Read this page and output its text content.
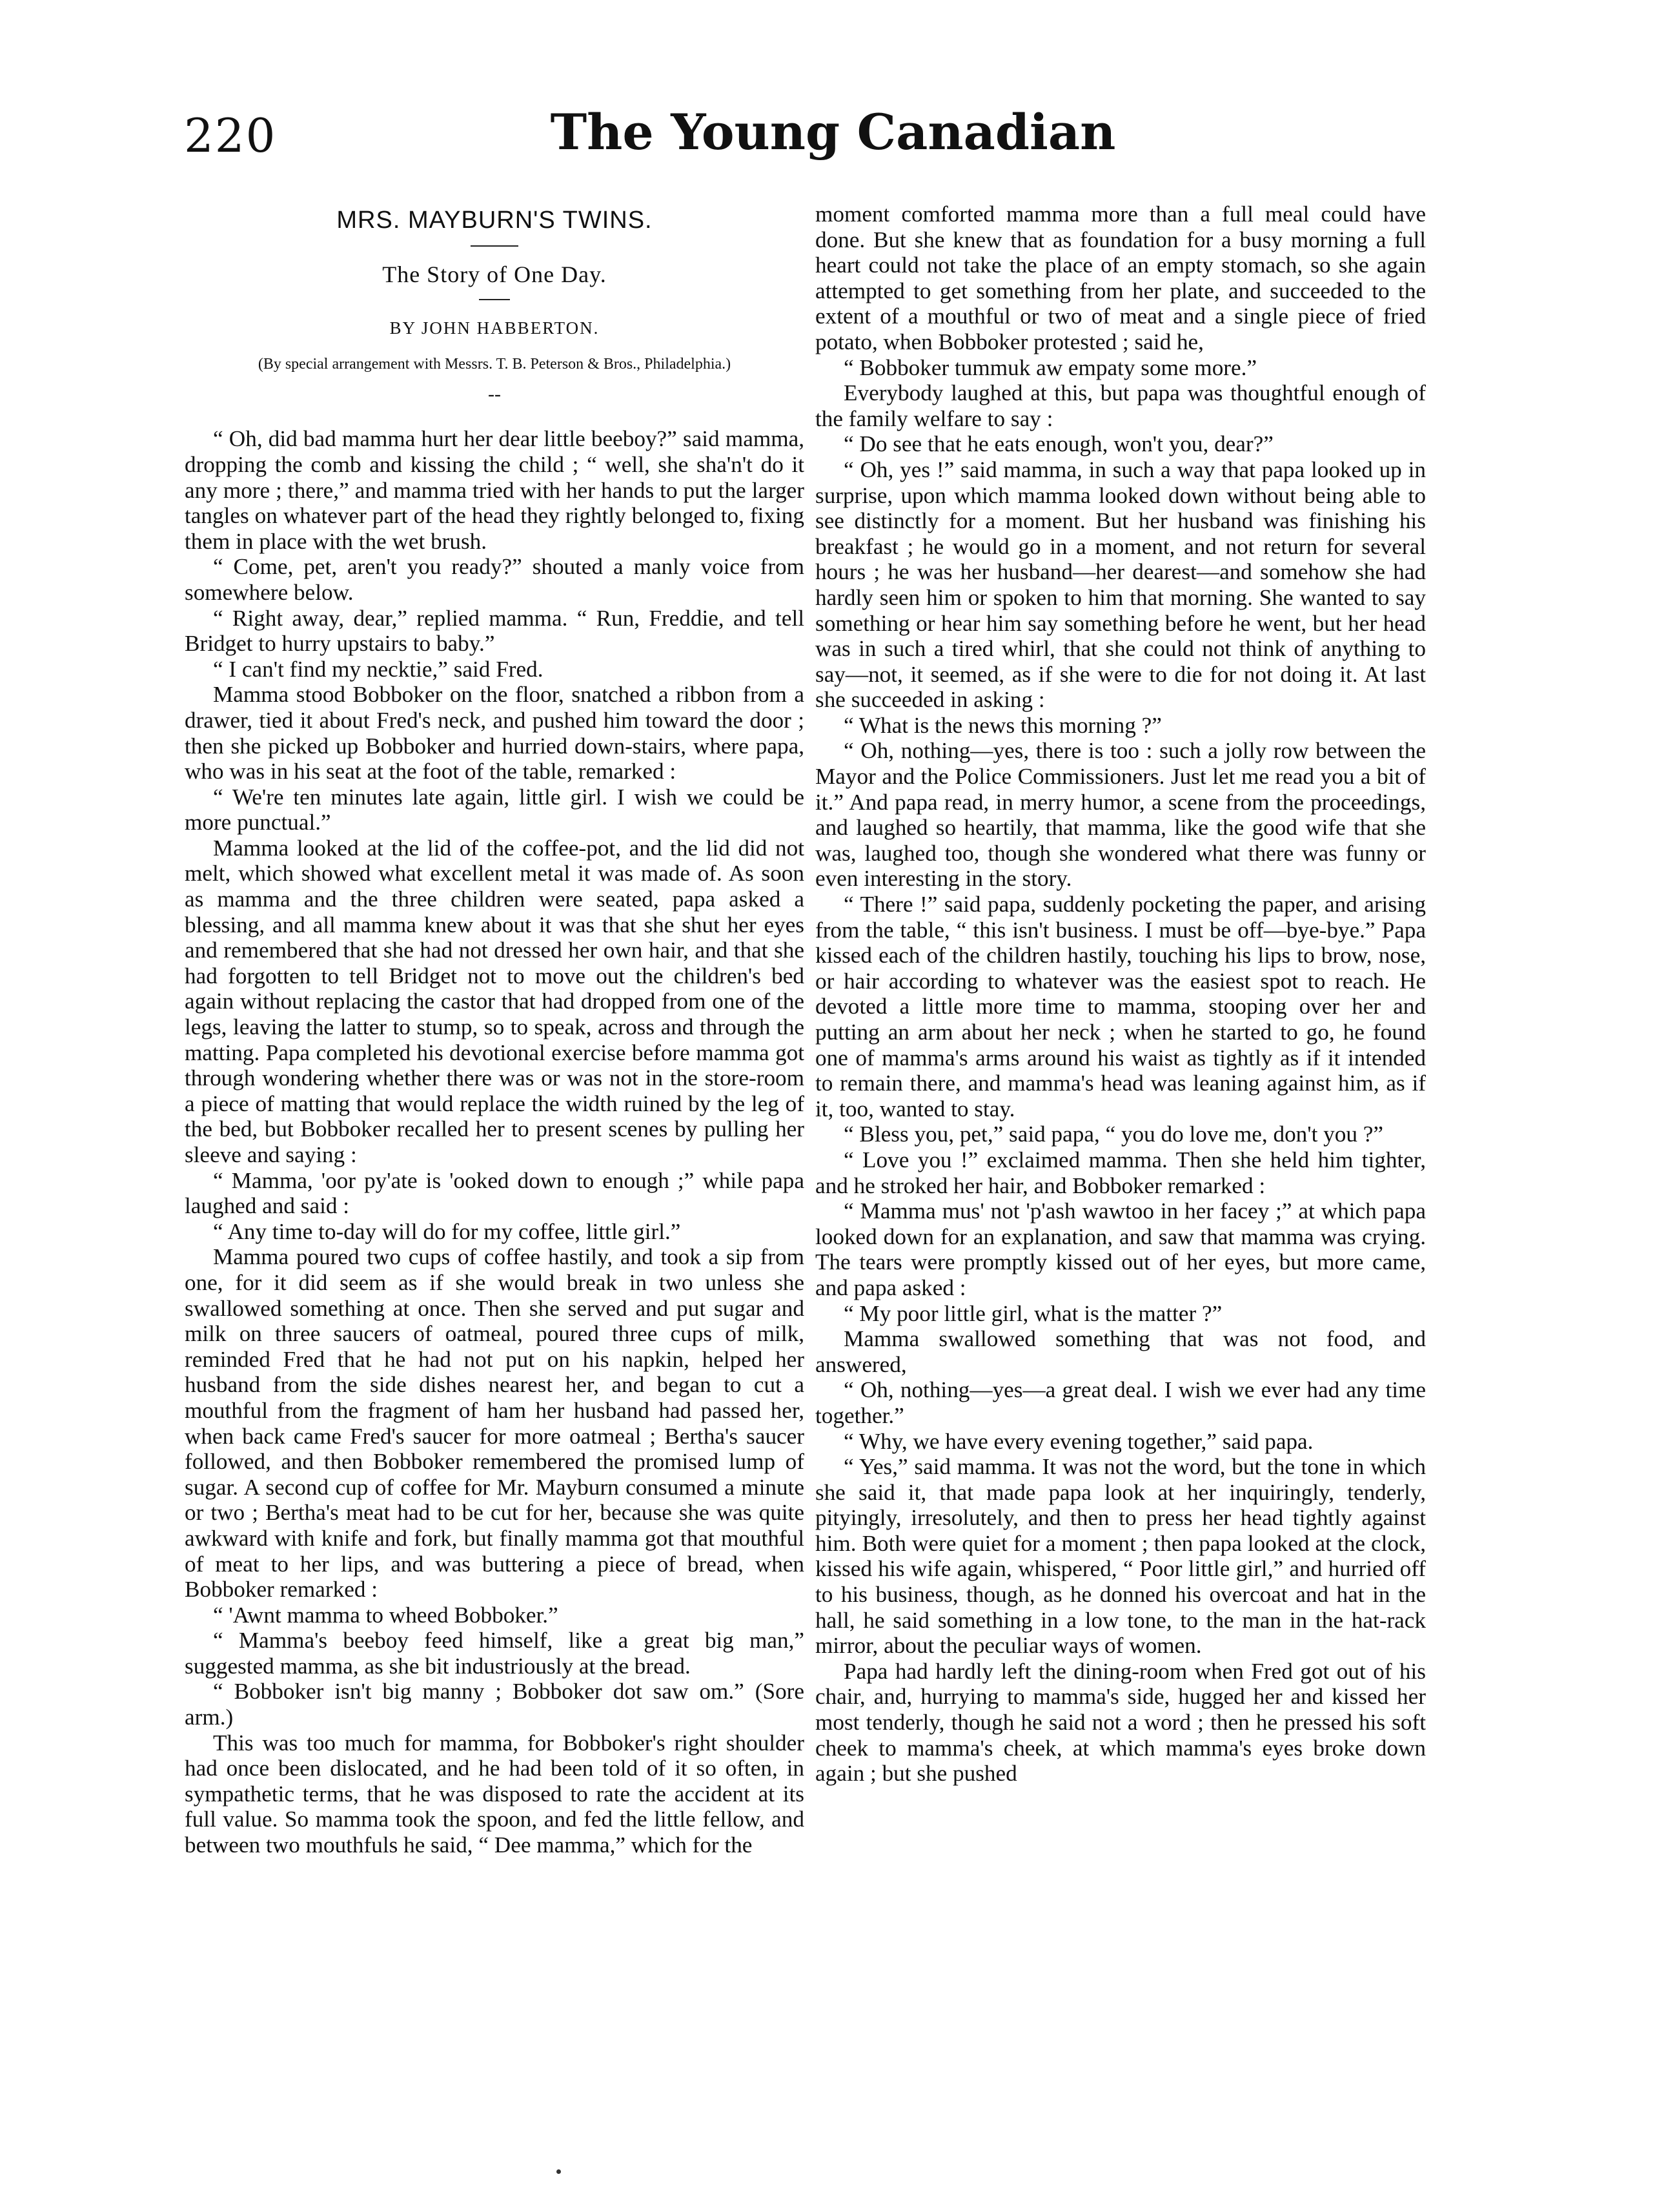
220	The Young Canadian
MRS. MAYBURN'S TWINS.
The Story of One Day.
BY JOHN HABBERTON.
(By special arrangement with Messrs. T. B. Peterson & Bros., Philadelphia.)
--

“ Oh, did bad mamma hurt her dear little beeboy?” said mamma, dropping the comb and kissing the child ; “ well, she sha'n't do it any more ; there,” and mamma tried with her hands to put the larger tangles on whatever part of the head they rightly belonged to, fixing them in place with the wet brush.

“ Come, pet, aren't you ready?” shouted a manly voice from somewhere below.

“ Right away, dear,” replied mamma. “ Run, Freddie, and tell Bridget to hurry upstairs to baby.”

“ I can't find my necktie,” said Fred.

Mamma stood Bobboker on the floor, snatched a ribbon from a drawer, tied it about Fred's neck, and pushed him toward the door ; then she picked up Bobboker and hurried down-stairs, where papa, who was in his seat at the foot of the table, remarked :

“ We're ten minutes late again, little girl. I wish we could be more punctual.”

Mamma looked at the lid of the coffee-pot, and the lid did not melt, which showed what excellent metal it was made of. As soon as mamma and the three children were seated, papa asked a blessing, and all mamma knew about it was that she shut her eyes and remembered that she had not dressed her own hair, and that she had forgotten to tell Bridget not to move out the children's bed again without replacing the castor that had dropped from one of the legs, leaving the latter to stump, so to speak, across and through the matting. Papa completed his devotional exercise before mamma got through wondering whether there was or was not in the store-room a piece of matting that would replace the width ruined by the leg of the bed, but Bobboker recalled her to present scenes by pulling her sleeve and saying :

“ Mamma, 'oor py'ate is 'ooked down to enough ;” while papa laughed and said :

“ Any time to-day will do for my coffee, little girl.”

Mamma poured two cups of coffee hastily, and took a sip from one, for it did seem as if she would break in two unless she swallowed something at once. Then she served and put sugar and milk on three saucers of oatmeal, poured three cups of milk, reminded Fred that he had not put on his napkin, helped her husband from the side dishes nearest her, and began to cut a mouthful from the fragment of ham her husband had passed her, when back came Fred's saucer for more oatmeal ; Bertha's saucer followed, and then Bobboker remembered the promised lump of sugar. A second cup of coffee for Mr. Mayburn consumed a minute or two ; Bertha's meat had to be cut for her, because she was quite awkward with knife and fork, but finally mamma got that mouthful of meat to her lips, and was buttering a piece of bread, when Bobboker remarked :

“ 'Awnt mamma to wheed Bobboker.”

“ Mamma's beeboy feed himself, like a great big man,” suggested mamma, as she bit industriously at the bread.

“ Bobboker isn't big manny ; Bobboker dot saw om.” (Sore arm.)

This was too much for mamma, for Bobboker's right shoulder had once been dislocated, and he had been told of it so often, in sympathetic terms, that he was disposed to rate the accident at its full value. So mamma took the spoon, and fed the little fellow, and between two mouthfuls he said, “ Dee mamma,” which for the

moment comforted mamma more than a full meal could have done. But she knew that as foundation for a busy morning a full heart could not take the place of an empty stomach, so she again attempted to get something from her plate, and succeeded to the extent of a mouthful or two of meat and a single piece of fried potato, when Bobboker protested ; said he,

“ Bobboker tummuk aw empaty some more.”

Everybody laughed at this, but papa was thoughtful enough of the family welfare to say :

“ Do see that he eats enough, won't you, dear?”

“ Oh, yes !” said mamma, in such a way that papa looked up in surprise, upon which mamma looked down without being able to see distinctly for a moment. But her husband was finishing his breakfast ; he would go in a moment, and not return for several hours ; he was her husband—her dearest—and somehow she had hardly seen him or spoken to him that morning. She wanted to say something or hear him say something before he went, but her head was in such a tired whirl, that she could not think of anything to say—not, it seemed, as if she were to die for not doing it. At last she succeeded in asking :

“ What is the news this morning ?”

“ Oh, nothing—yes, there is too : such a jolly row between the Mayor and the Police Commissioners. Just let me read you a bit of it.” And papa read, in merry humor, a scene from the proceedings, and laughed so heartily, that mamma, like the good wife that she was, laughed too, though she wondered what there was funny or even interesting in the story.

“ There !” said papa, suddenly pocketing the paper, and arising from the table, “ this isn't business. I must be off—bye-bye.” Papa kissed each of the children hastily, touching his lips to brow, nose, or hair according to whatever was the easiest spot to reach. He devoted a little more time to mamma, stooping over her and putting an arm about her neck ; when he started to go, he found one of mamma's arms around his waist as tightly as if it intended to remain there, and mamma's head was leaning against him, as if it, too, wanted to stay.

“ Bless you, pet,” said papa, “ you do love me, don't you ?”

“ Love you !” exclaimed mamma. Then she held him tighter, and he stroked her hair, and Bobboker remarked :

“ Mamma mus' not 'p'ash wawtoo in her facey ;” at which papa looked down for an explanation, and saw that mamma was crying. The tears were promptly kissed out of her eyes, but more came, and papa asked :

“ My poor little girl, what is the matter ?”

Mamma swallowed something that was not food, and answered,

“ Oh, nothing—yes—a great deal. I wish we ever had any time together.”

“ Why, we have every evening together,” said papa.

“ Yes,” said mamma. It was not the word, but the tone in which she said it, that made papa look at her inquiringly, tenderly, pityingly, irresolutely, and then to press her head tightly against him. Both were quiet for a moment ; then papa looked at the clock, kissed his wife again, whispered, “ Poor little girl,” and hurried off to his business, though, as he donned his overcoat and hat in the hall, he said something in a low tone, to the man in the hat-rack mirror, about the peculiar ways of women.

Papa had hardly left the dining-room when Fred got out of his chair, and, hurrying to mamma's side, hugged her and kissed her most tenderly, though he said not a word ; then he pressed his soft cheek to mamma's cheek, at which mamma's eyes broke down again ; but she pushed
